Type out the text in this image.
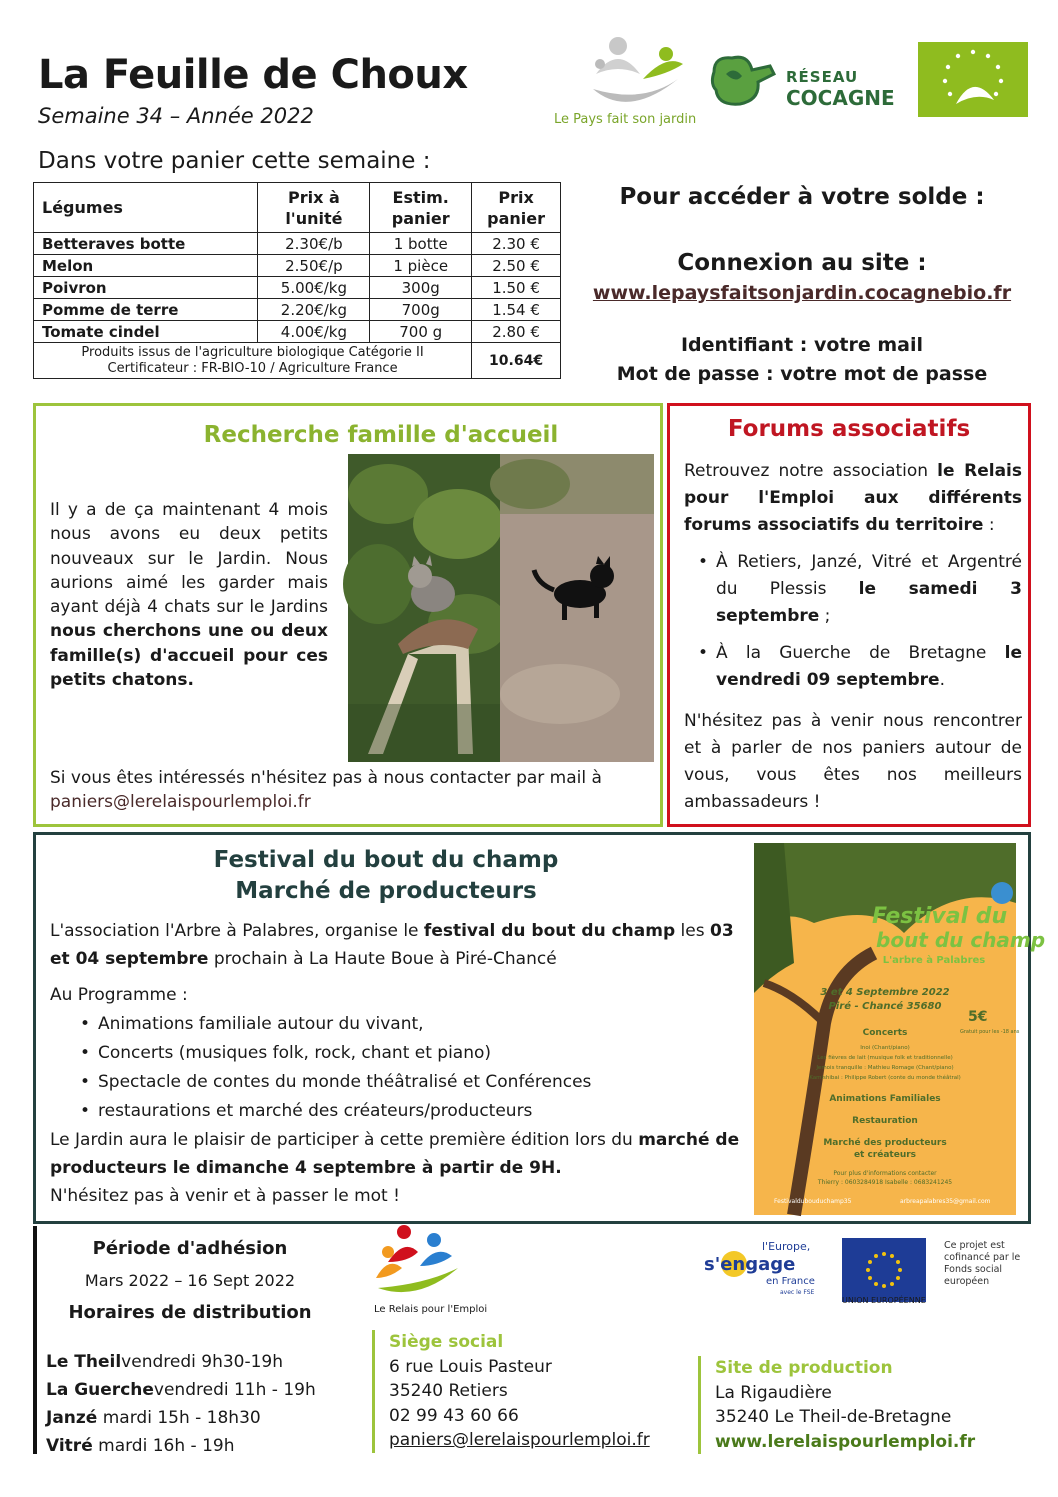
La Feuille de Choux
Semaine 34 – Année 2022
Dans votre panier cette semaine :
Le Pays fait son jardin
RÉSEAU
COCAGNE
Légumes	Prix à l'unité	Estim. panier	Prix panier
Betteraves botte	2.30€/b	1 botte	2.30 €
Melon	2.50€/p	1 pièce	2.50 €
Poivron	5.00€/kg	300g	1.50 €
Pomme de terre	2.20€/kg	700g	1.54 €
Tomate cindel	4.00€/kg	700 g	2.80 €
Produits issus de l'agriculture biologique Catégorie II
Certificateur : FR-BIO-10 / Agriculture France			10.64€
Pour accéder à votre solde :
Connexion au site :
www.lepaysfaitsonjardin.cocagnebio.fr
Identifiant : votre mail
Mot de passe : votre mot de passe
Recherche famille d'accueil
Il y a de ça maintenant 4 mois nous avons eu deux petits nouveaux sur le Jardin. Nous aurions aimé les garder mais ayant déjà 4 chats sur le Jardins nous cherchons une ou deux famille(s) d'accueil pour ces petits chatons.
Si vous êtes intéressés n'hésitez pas à nous contacter par mail à paniers@lerelaispourlemploi.fr
Forums associatifs

Retrouvez notre association le Relais pour l'Emploi aux différents forums associatifs du territoire :

• À Retiers, Janzé, Vitré et Argentré du Plessis le samedi 3 septembre ;
• À la Guerche de Bretagne le vendredi 09 septembre.

N'hésitez pas à venir nous rencontrer et à parler de nos paniers autour de vous, vous êtes nos meilleurs ambassadeurs !

Festival du bout du champ
Marché de producteurs

L'association l'Arbre à Palabres, organise le festival du bout du champ les 03 et 04 septembre prochain à La Haute Boue à Piré-Chancé

Au Programme :

• Animations familiale autour du vivant,
• Concerts (musiques folk, rock, chant et piano)
• Spectacle de contes du monde théâtralisé et Conférences
• restaurations et marché des créateurs/producteurs

Le Jardin aura le plaisir de participer à cette première édition lors du marché de producteurs le dimanche 4 septembre à partir de 9H.

N'hésitez pas à venir et à passer le mot !

Festival du
bout du champ
L'arbre à Palabres
3 et 4 Septembre 2022
Piré - Chancé 35680
5€
Gratuit pour les -18 ans
Concerts
Inoi (Chant/piano)
Les fièvres de lait (musique folk et traditionnelle)
Jemois tranquille : Mathieu Romage (Chant/piano)
Kamishibai : Philippe Robert (conte du monde théâtral)
Animations Familiales
Restauration
Marché des producteurs
et créateurs
Pour plus d'informations contacter
Thierry : 0603284918 Isabelle : 0683241245
Festivaldubouduchamp35	arbreapalabres35@gmail.com
Période d'adhésion
Mars 2022 – 16 Sept 2022
Horaires de distribution
Le Theilvendredi 9h30-19h
La Guerchevendredi 11h - 19h
Janzé mardi 15h - 18h30
Vitré mardi 16h - 19h
Le Relais pour l'Emploi
Siège social
6 rue Louis Pasteur
35240 Retiers
02 99 43 60 66
paniers@lerelaispourlemploi.fr
l'Europe,
s'engage
en France
avec le FSE
UNION EUROPÉENNE
Ce projet est cofinancé par le Fonds social européen
Site de production
La Rigaudière
35240 Le Theil-de-Bretagne
www.lerelaispourlemploi.fr
